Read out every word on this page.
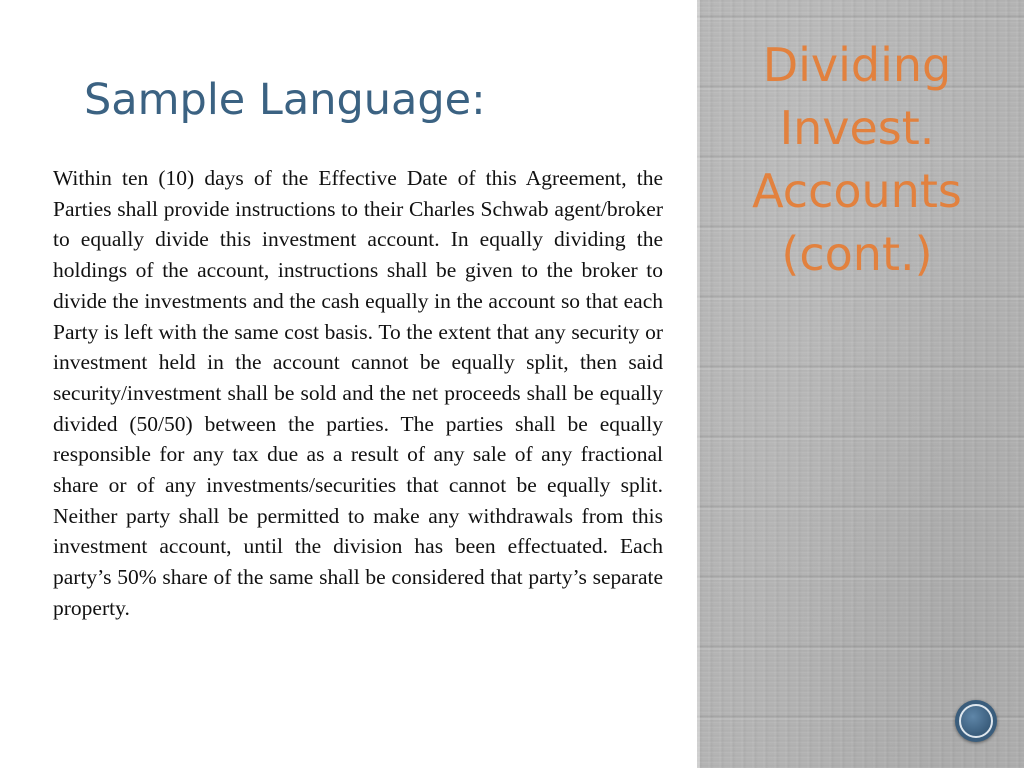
Sample Language:

Within ten (10) days of the Effective Date of this Agreement, the Parties shall provide instructions to their Charles Schwab agent/broker to equally divide this investment account. In equally dividing the holdings of the account, instructions shall be given to the broker to divide the investments and the cash equally in the account so that each Party is left with the same cost basis. To the extent that any security or investment held in the account cannot be equally split, then said security/investment shall be sold and the net proceeds shall be equally divided (50/50) between the parties. The parties shall be equally responsible for any tax due as a result of any sale of any fractional share or of any investments/securities that cannot be equally split. Neither party shall be permitted to make any withdrawals from this investment account, until the division has been effectuated. Each party’s 50% share of the same shall be considered that party’s separate property.

Dividing
Invest.
Accounts
(cont.)
